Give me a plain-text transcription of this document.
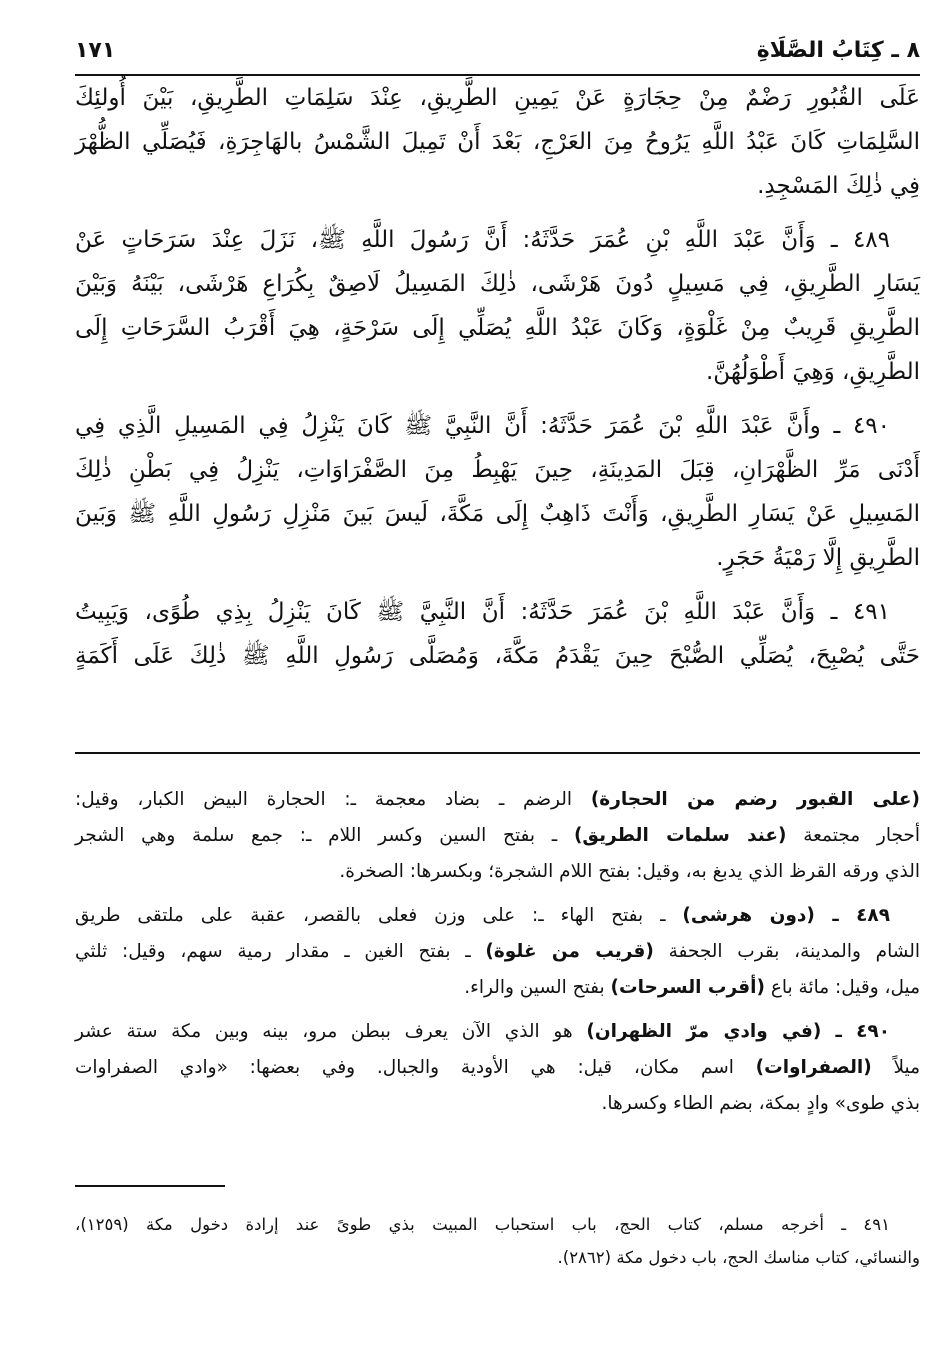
٨ ـ كِتَابُ الصَّلَاةِ
١٧١
عَلَى القُبُورِ رَضْمٌ مِنْ حِجَارَةٍ عَنْ يَمِينِ الطَّرِيقِ، عِنْدَ سَلِمَاتِ الطَّرِيقِ، بَيْنَ أُولئِكَ
السَّلِمَاتِ كَانَ عَبْدُ اللَّهِ يَرُوحُ مِنَ العَرْجِ، بَعْدَ أَنْ تَمِيلَ الشَّمْسُ بالهَاجِرَةِ، فَيُصَلِّي الظُّهْرَ
فِي ذٰلِكَ المَسْجِدِ.
٤٨٩ ـ وَأَنَّ عَبْدَ اللَّهِ بْنِ عُمَرَ حَدَّثَهُ: أَنَّ رَسُولَ اللَّهِ ﷺ، نَزَلَ عِنْدَ سَرَحَاتٍ عَنْ
يَسَارِ الطَّرِيقِ، فِي مَسِيلٍ دُونَ هَرْشَى، ذٰلِكَ المَسِيلُ لَاصِقٌ بِكُرَاعِ هَرْشَى، بَيْنَهُ وَبَيْنَ
الطَّرِيقِ قَرِيبٌ مِنْ غَلْوَةٍ، وَكَانَ عَبْدُ اللَّهِ يُصَلِّي إِلَى سَرْحَةٍ، هِيَ أَقْرَبُ السَّرَحَاتِ إِلَى
الطَّرِيقِ، وَهِيَ أَطْوَلُهُنَّ.
٤٩٠ ـ وأَنَّ عَبْدَ اللَّهِ بْنَ عُمَرَ حَدَّثَهُ: أَنَّ النَّبِيَّ ﷺ كَانَ يَنْزِلُ فِي المَسِيلِ الَّذِي فِي
أَدْنَى مَرِّ الظَّهْرَانِ، قِبَلَ المَدِينَةِ، حِينَ يَهْبِطُ مِنَ الصَّفْرَاوَاتِ، يَنْزِلُ فِي بَطْنِ ذٰلِكَ
المَسِيلِ عَنْ يَسَارِ الطَّرِيقِ، وَأَنْتَ ذَاهِبٌ إِلَى مَكَّةَ، لَيسَ بَينَ مَنْزِلِ رَسُولِ اللَّهِ ﷺ وَبَينَ
الطَّرِيقِ إِلَّا رَمْيَةُ حَجَرٍ.
٤٩١ ـ وَأَنَّ عَبْدَ اللَّهِ بْنَ عُمَرَ حَدَّثَهُ: أَنَّ النَّبِيَّ ﷺ كَانَ يَنْزِلُ بِذِي طُوًى، وَيَبِيتُ
حَتَّى يُصْبِحَ، يُصَلِّي الصُّبْحَ حِينَ يَقْدَمُ مَكَّةَ، وَمُصَلَّى رَسُولِ اللَّهِ ﷺ ذٰلِكَ عَلَى أَكَمَةٍ
(على القبور رضم من الحجارة) الرضم ـ بضاد معجمة ـ: الحجارة البيض الكبار، وقيل:
أحجار مجتمعة (عند سلمات الطريق) ـ بفتح السين وكسر اللام ـ: جمع سلمة وهي الشجر
الذي ورقه القرظ الذي يدبغ به، وقيل: بفتح اللام الشجرة؛ وبكسرها: الصخرة.
٤٨٩ ـ (دون هرشى) ـ بفتح الهاء ـ: على وزن فعلى بالقصر، عقبة على ملتقى طريق
الشام والمدينة، بقرب الجحفة (قريب من غلوة) ـ بفتح الغين ـ مقدار رمية سهم، وقيل: ثلثي
ميل، وقيل: مائة باع (أقرب السرحات) بفتح السين والراء.
٤٩٠ ـ (في وادي مرّ الظهران) هو الذي الآن يعرف ببطن مرو، بينه وبين مكة ستة عشر
ميلاً (الصفراوات) اسم مكان، قيل: هي الأودية والجبال. وفي بعضها: «وادي الصفراوات
بذي طوى» وادٍ بمكة، بضم الطاء وكسرها.
٤٩١ ـ أخرجه مسلم، كتاب الحج، باب استحباب المبيت بذي طوىً عند إرادة دخول مكة (١٢٥٩)،
والنسائي، كتاب مناسك الحج، باب دخول مكة (٢٨٦٢).
